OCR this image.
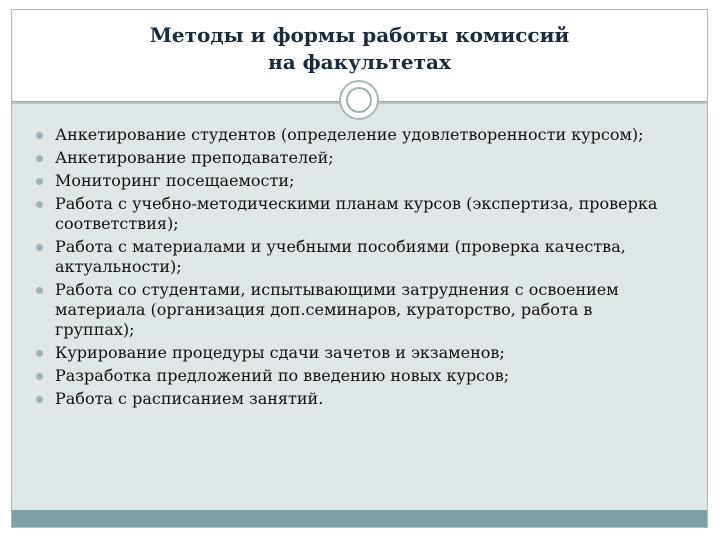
Методы и формы работы комиссий
на факультетах
Анкетирование студентов (определение удовлетворенности курсом);
Анкетирование преподавателей;
Мониторинг посещаемости;
Работа с учебно-методическими планам курсов (экспертиза, проверка соответствия);
Работа с материалами и учебными пособиями (проверка качества, актуальности);
Работа со студентами, испытывающими затруднения с освоением материала (организация доп.семинаров, кураторство, работа в группах);
Курирование процедуры сдачи зачетов и экзаменов;
Разработка предложений по введению новых курсов;
Работа с расписанием занятий.
